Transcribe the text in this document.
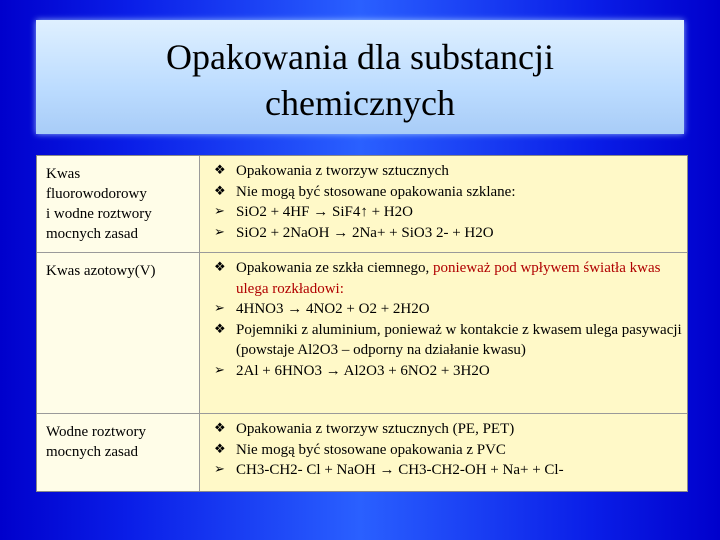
Opakowania dla substancji
chemicznych
Kwas
fluorowodorowy
i wodne roztwory
mocnych zasad
❖ Opakowania z tworzyw sztucznych
❖ Nie mogą być stosowane opakowania szklane:
➢ SiO2 + 4HF → SiF4↑ + H2O
➢ SiO2 + 2NaOH → 2Na+ + SiO3 2- + H2O
Kwas azotowy(V)	❖ Opakowania ze szkła ciemnego, ponieważ pod wpływem światła kwas ulega rozkładowi:
➢ 4HNO3 → 4NO2 + O2 + 2H2O
❖ Pojemniki z aluminium, ponieważ w kontakcie z kwasem ulega pasywacji (powstaje Al2O3 – odporny na działanie kwasu)
➢ 2Al + 6HNO3 → Al2O3 + 6NO2 + 3H2O
Wodne roztwory
mocnych zasad
❖ Opakowania z tworzyw sztucznych (PE, PET)
❖ Nie mogą być stosowane opakowania z PVC
➢ CH3-CH2- Cl + NaOH → CH3-CH2-OH + Na+ + Cl-
